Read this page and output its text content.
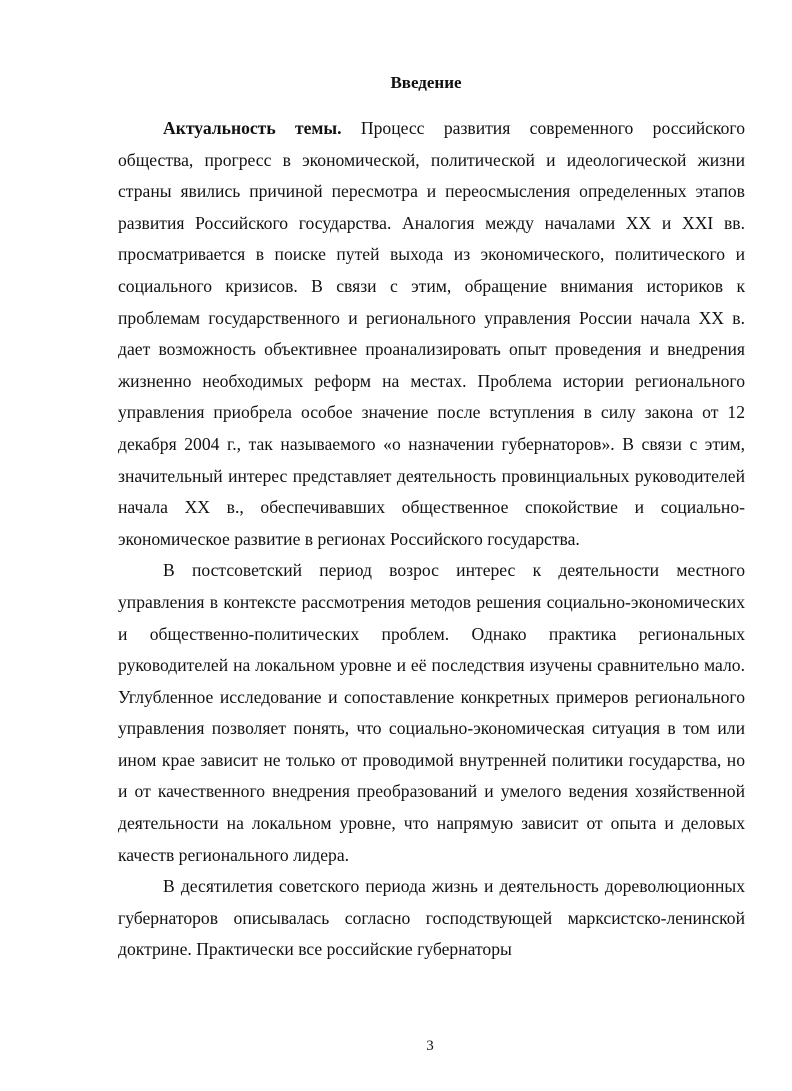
Введение

Актуальность темы. Процесс развития современного российского общества, прогресс в экономической, политической и идеологической жизни страны явились причиной пересмотра и переосмысления определенных этапов развития Российского государства. Аналогия между началами XX и XXI вв. просматривается в поиске путей выхода из экономического, политического и социального кризисов. В связи с этим, обращение внимания историков к проблемам государственного и регионального управления России начала XX в. дает возможность объективнее проанализировать опыт проведения и внедрения жизненно необходимых реформ на местах. Проблема истории регионального управления приобрела особое значение после вступления в силу закона от 12 декабря 2004 г., так называемого «о назначении губернаторов». В связи с этим, значительный интерес представляет деятельность провинциальных руководителей начала XX в., обеспечивавших общественное спокойствие и социально-экономическое развитие в регионах Российского государства.

В постсоветский период возрос интерес к деятельности местного управления в контексте рассмотрения методов решения социально-экономических и общественно-политических проблем. Однако практика региональных руководителей на локальном уровне и её последствия изучены сравнительно мало. Углубленное исследование и сопоставление конкретных примеров регионального управления позволяет понять, что социально-экономическая ситуация в том или ином крае зависит не только от проводимой внутренней политики государства, но и от качественного внедрения преобразований и умелого ведения хозяйственной деятельности на локальном уровне, что напрямую зависит от опыта и деловых качеств регионального лидера.

В десятилетия советского периода жизнь и деятельность дореволюционных губернаторов описывалась согласно господствующей марксистско-ленинской доктрине. Практически все российские губернаторы

3
